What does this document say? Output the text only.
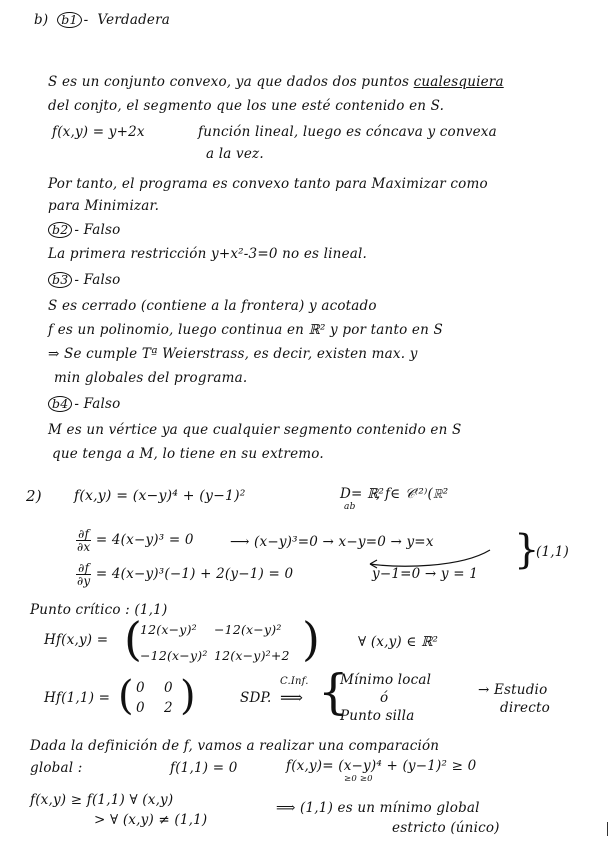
b) b1 -  Verdadera
S es un conjunto convexo, ya que dados dos puntos cualesquiera
del conjto, el segmento que los une esté contenido en S.
f(x,y) = y+2x	función lineal, luego es cóncava y convexa
a la vez.
Por tanto, el programa es convexo tanto para Maximizar como
para Minimizar.
b2 - Falso
La primera restricción y+x²-3=0 no es lineal.
b3 - Falso
S es cerrado (contiene a la frontera) y acotado
f es un polinomio, luego continua en ℝ² y por tanto en S
⇒ Se cumple Tª Weierstrass, es decir, existen max. y
min globales del programa.
b4 - Falso
M es un vértice ya que cualquier segmento contenido en S
que tenga a M, lo tiene en su extremo.
2) f(x,y) = (x−y)⁴ + (y−1)²	D= ℝ²
ab
, f∈ 𝒞⁽²⁾(ℝ²
$\frac{\partial f}{\partial x} = 4(x-y)^3 = 0$	⟶ (x−y)³=0 → x−y=0 → y=x
$\frac{\partial f}{\partial y} = 4(x-y)^3(-1) + 2(y-1) = 0$	y−1=0 → y = 1
}
(1,1)
Punto crítico : (1,1)
Hf(x,y) = (
12(x−y)² −12(x−y)²
−12(x−y)² 12(x−y)²+2 )	∀ (x,y) ∈ ℝ²
Hf(1,1) = ( 0 0
0 2 )	SDP.
C.Inf.
⟹ {
Mínimo local
ó
Punto silla
→ Estudio
directo
Dada la definición de f, vamos a realizar una comparación
global :	f(1,1) = 0	f(x,y)= (x−y)⁴ + (y−1)² ≥ 0
≥0 ≥0
f(x,y) ≥ f(1,1) ∀ (x,y)
> ∀ (x,y) ≠ (1,1)
⟹ (1,1) es un mínimo global
estricto (único)
